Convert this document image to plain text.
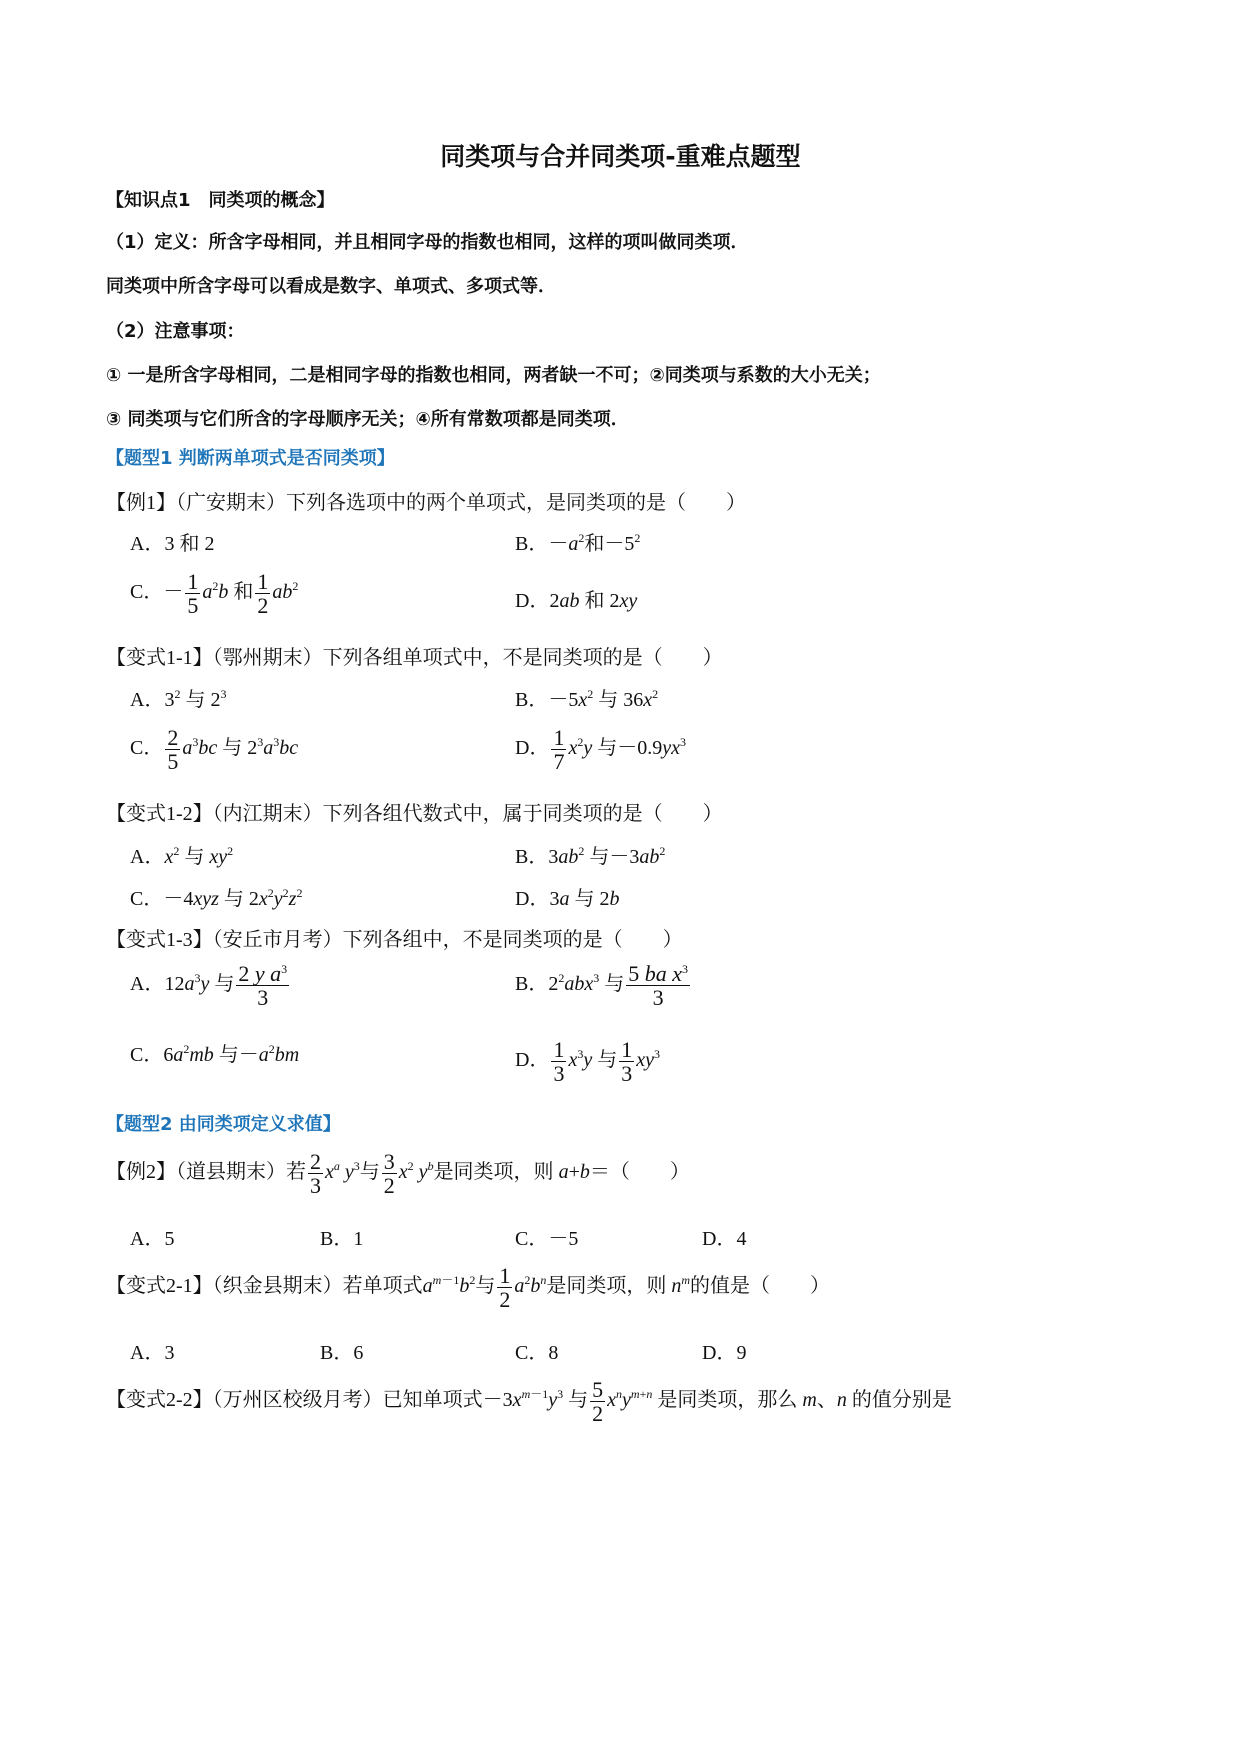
同类项与合并同类项-重难点题型
【知识点1　同类项的概念】
（1）定义：所含字母相同，并且相同字母的指数也相同，这样的项叫做同类项．
同类项中所含字母可以看成是数字、单项式、多项式等．
（2）注意事项：
① 一是所含字母相同，二是相同字母的指数也相同，两者缺一不可；②同类项与系数的大小无关；
③ 同类项与它们所含的字母顺序无关；④所有常数项都是同类项．
【题型1 判断两单项式是否同类项】
【例1】（广安期末）下列各选项中的两个单项式，是同类项的是（　　）
A．3 和 2	B．$-a^2$和$-5^2$
C．－ $\frac{1}{5} a^2b$ 和 $\frac{1}{2} ab^2$
D．2ab 和 2xy
【变式1-1】（鄂州期末）下列各组单项式中，不是同类项的是（　　）
A．$3^2$ 与 $2^3$	B．$-5x^2$ 与 $36x^2$
C． $\frac{2}{5} a^3bc$ 与 $2^3a^3bc$	D． $\frac{1}{7} x^2y$ 与$-0.9yx^3$
【变式1-2】（内江期末）下列各组代数式中，属于同类项的是（　　）
A．$x^2$ 与 $xy^2$	B．$3ab^2$ 与$-3ab^2$
C．－4xyz 与 $2x^2y^2z^2$	D．3a 与 2b
【变式1-3】（安丘市月考）下列各组中，不是同类项的是（　　）
A．$12a^3y$ 与 $\frac{2 y a^3}{3}$	B．$2^2abx^3$ 与 $\frac{5 ba x^3}{3}$
C．$6a^2mb$ 与$-a^2bm$	D． $\frac{1}{3} x^3y$ 与 $\frac{1}{3} xy^3$
【题型2 由同类项定义求值】
【例2】（道县期末）若 $\frac{2}{3} x^a$ $y^3$与 $\frac{3}{2} x^2$ $y^b$是同类项，则 a+b＝（　　）
A．5	B．1	C．－5	D．4
【变式2-1】（织金县期末）若单项式$a^{m-1}b^2$与 $\frac{1}{2} a^2b^n$是同类项，则 $n^m$的值是（　　）
A．3	B．6	C．8	D．9
【变式2-2】（万州区校级月考）已知单项式$-3x^{m-1}y^3$ 与 $\frac{5}{2} x^ny^{m+n}$ 是同类项，那么 m、n 的值分别是
